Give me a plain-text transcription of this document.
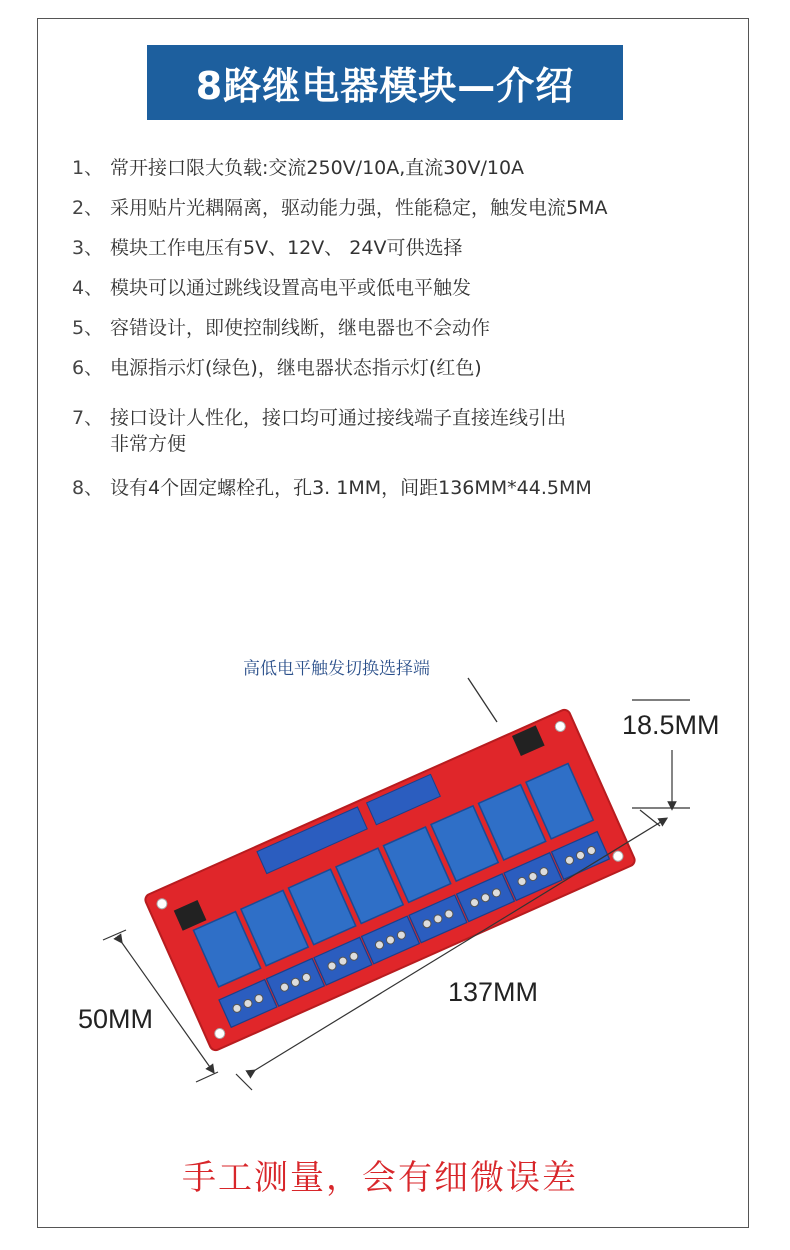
8路继电器模块—介绍
1、 常开接口限大负载:交流250V/10A,直流30V/10A
2、 采用贴片光耦隔离，驱动能力强，性能稳定，触发电流5MA
3、 模块工作电压有5V、12V、 24V可供选择
4、 模块可以通过跳线设置高电平或低电平触发
5、 容错设计，即使控制线断，继电器也不会动作
6、 电源指示灯(绿色)，继电器状态指示灯(红色)
7、 接口设计人性化，接口均可通过接线端子直接连线引出
非常方便
8、 设有4个固定螺栓孔，孔3. 1MM，间距136MM*44.5MM
高低电平触发切换选择端
18.5MM
137MM
50MM
手工测量，会有细微误差
